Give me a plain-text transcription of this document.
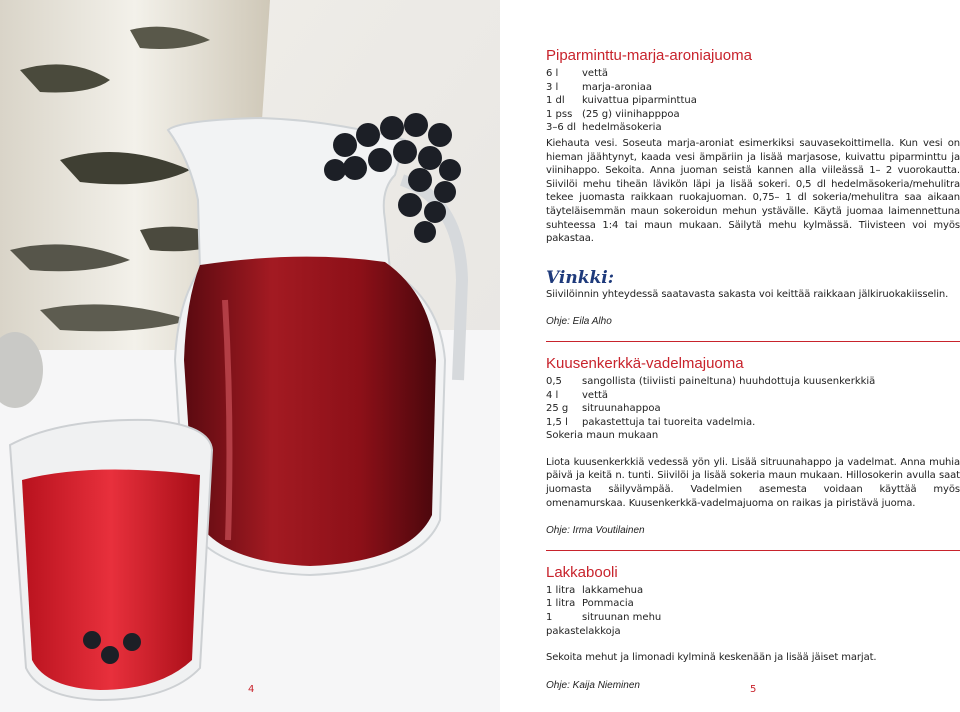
4	5
Piparminttu-marja-aroniajuoma
6 l	vettä
3 l	marja-aroniaa
1 dl	kuivattua piparminttua
1 pss (25 g) viinihapppoa
3–6 dl hedelmäsokeria

Kiehauta vesi. Soseuta marja-aroniat esimerkiksi sauvasekoittimella. Kun vesi on hieman jäähtynyt, kaada vesi ämpäriin ja lisää marjasose, kuivattu piparminttu ja viinihappo. Sekoita. Anna juoman seistä kannen alla viileässä 1– 2 vuorokautta. Siivilöi mehu tiheän lävikön läpi ja lisää sokeri. 0,5 dl hedelmäsokeria/mehulitra tekee juomasta raikkaan ruokajuoman. 0,75– 1 dl sokeria/mehulitra saa aikaan täyteläisemmän maun sokeroidun mehun ystävälle. Käytä juomaa laimennettuna suhteessa 1:4 tai maun mukaan. Säilytä mehu kylmässä. Tiivisteen voi myös pakastaa.

Vinkki:

Siivilöinnin yhteydessä saatavasta sakasta voi keittää raikkaan jälkiruokakiisselin.

Ohje: Eila Alho
Kuusenkerkkä-vadelmajuoma
0,5	sangollista (tiiviisti paineltuna) huuhdottuja kuusenkerkkiä
4 l	vettä
25 g	sitruunahappoa
1,5 l	pakastettuja tai tuoreita vadelmia.
Sokeria maun mukaan

Liota kuusenkerkkiä vedessä yön yli. Lisää sitruunahappo ja vadelmat. Anna muhia päivä ja keitä n. tunti. Siivilöi ja lisää sokeria maun mukaan. Hillosokerin avulla saat juomasta säilyvämpää. Vadelmien asemesta voidaan käyttää myös omenamurskaa. Kuusenkerkkä-vadelmajuoma on raikas ja piristävä juoma.

Ohje: Irma Voutilainen
Lakkabooli
1 litra lakkamehua
1 litra Pommacia
1	sitruunan mehu
pakastelakkoja

Sekoita mehut ja limonadi kylminä keskenään ja lisää jäiset marjat.

Ohje: Kaija Nieminen
